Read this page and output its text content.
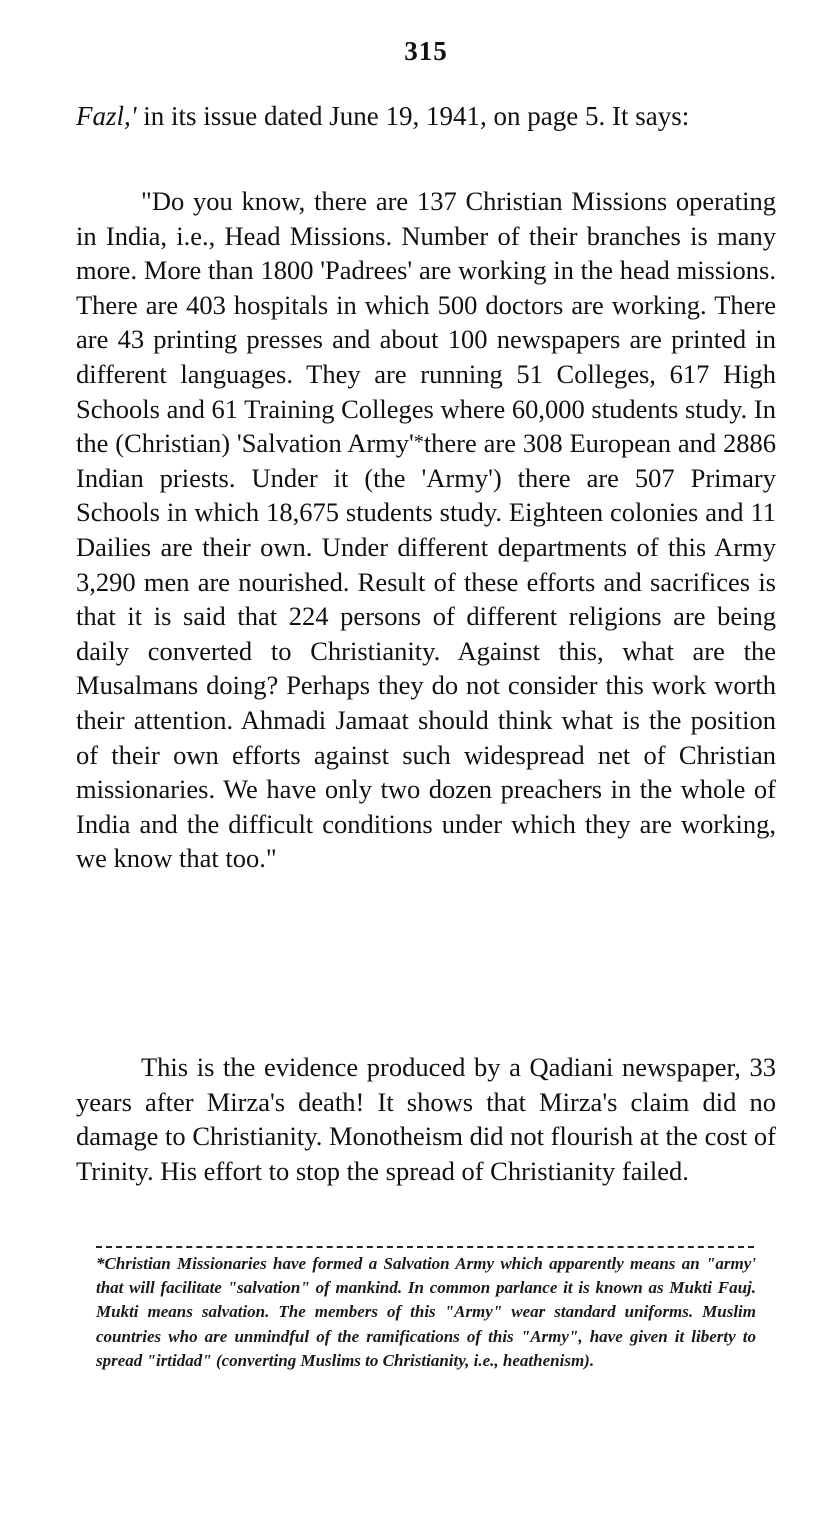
315
Fazl,' in its issue dated June 19, 1941, on page 5. It says:

"Do you know, there are 137 Christian Missions operating in India, i.e., Head Missions. Number of their branches is many more. More than 1800 'Padrees' are working in the head missions. There are 403 hospitals in which 500 doctors are working. There are 43 printing presses and about 100 newspapers are printed in different languages. They are running 51 Colleges, 617 High Schools and 61 Training Colleges where 60,000 students study. In the (Christian) 'Salvation Army'*there are 308 European and 2886 Indian priests. Under it (the 'Army') there are 507 Primary Schools in which 18,675 students study. Eighteen colonies and 11 Dailies are their own. Under different departments of this Army 3,290 men are nourished. Result of these efforts and sacrifices is that it is said that 224 persons of different religions are being daily converted to Christianity. Against this, what are the Musalmans doing? Perhaps they do not consider this work worth their attention. Ahmadi Jamaat should think what is the position of their own efforts against such widespread net of Christian missionaries. We have only two dozen preachers in the whole of India and the difficult conditions under which they are working, we know that too."

This is the evidence produced by a Qadiani newspaper, 33 years after Mirza's death! It shows that Mirza's claim did no damage to Christianity. Monotheism did not flourish at the cost of Trinity. His effort to stop the spread of Christianity failed.

*Christian Missionaries have formed a Salvation Army which apparently means an "army' that will facilitate "salvation" of mankind. In common parlance it is known as Mukti Fauj. Mukti means salvation. The members of this "Army" wear standard uniforms. Muslim countries who are unmindful of the ramifications of this "Army", have given it liberty to spread "irtidad" (converting Muslims to Christianity, i.e., heathenism).
